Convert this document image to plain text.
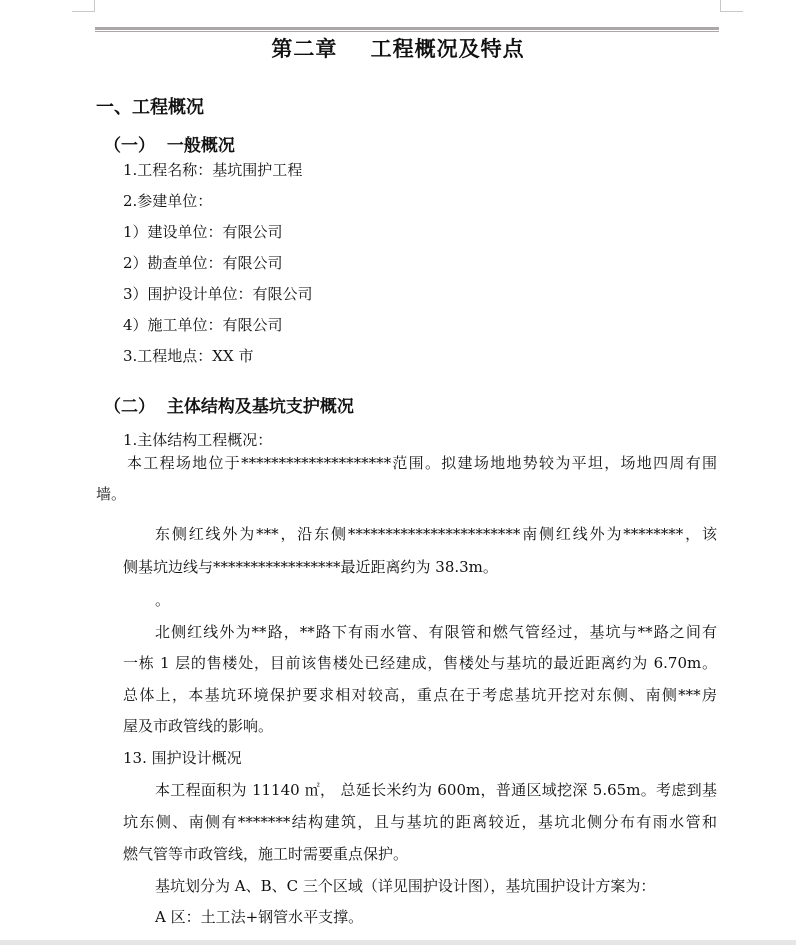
第二章    工程概况及特点
一、工程概况
（一）  一般概况
1.工程名称：基坑围护工程
2.参建单位：
1）建设单位：有限公司
2）勘查单位：有限公司
3）围护设计单位：有限公司
4）施工单位：有限公司
3.工程地点：XX 市
（二）  主体结构及基坑支护概况
1.主体结构工程概况：
本工程场地位于********************范围。拟建场地地势较为平坦，场地四周有围
墙。
东侧红线外为***，沿东侧***********************南侧红线外为********，该
侧基坑边线与*****************最近距离约为 38.3m。
。
北侧红线外为**路，**路下有雨水管、有限管和燃气管经过，基坑与**路之间有
一栋 1 层的售楼处，目前该售楼处已经建成，售楼处与基坑的最近距离约为 6.70m。
总体上，本基坑环境保护要求相对较高，重点在于考虑基坑开挖对东侧、南侧***房
屋及市政管线的影响。
13. 围护设计概况
本工程面积为 11140 ㎡， 总延长米约为 600m，普通区域挖深 5.65m。考虑到基
坑东侧、南侧有*******结构建筑，且与基坑的距离较近，基坑北侧分布有雨水管和
燃气管等市政管线，施工时需要重点保护。
基坑划分为 A、B、C 三个区域（详见围护设计图），基坑围护设计方案为：
A 区：土工法+钢管水平支撑。
